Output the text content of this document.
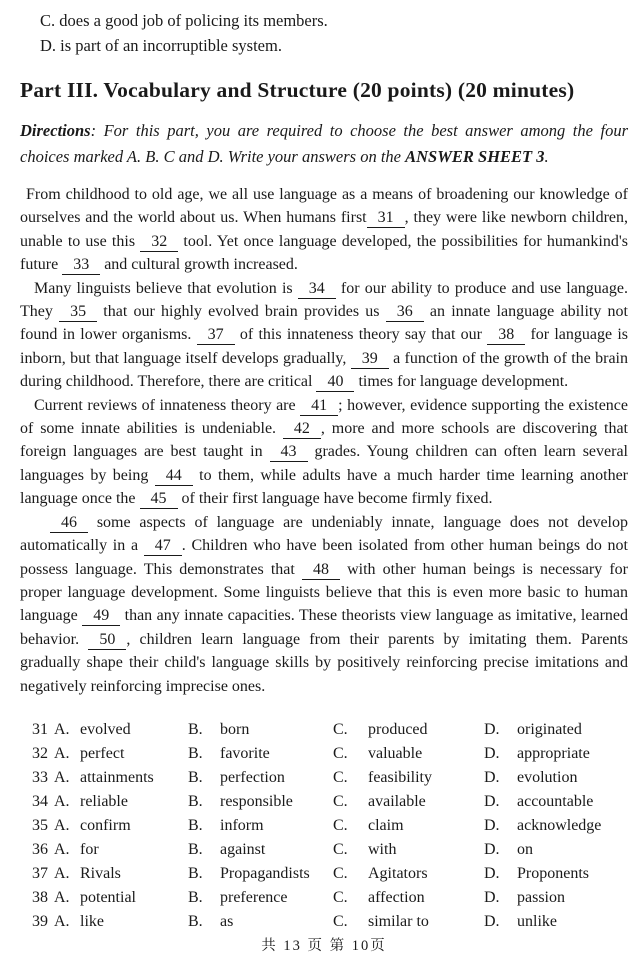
C. does a good job of policing its members.

D. is part of an incorruptible system.

Part III. Vocabulary and Structure (20 points) (20 minutes)

Directions: For this part, you are required to choose the best answer among the four choices marked A. B. C and D. Write your answers on the ANSWER SHEET 3.

From childhood to old age, we all use language as a means of broadening our knowledge of ourselves and the world about us. When humans first 31 , they were like newborn children, unable to use this 32 tool. Yet once language developed, the possibilities for humankind's future 33 and cultural growth increased.

Many linguists believe that evolution is 34 for our ability to produce and use language. They 35 that our highly evolved brain provides us 36 an innate language ability not found in lower organisms. 37 of this innateness theory say that our 38 for language is inborn, but that language itself develops gradually, 39 a function of the growth of the brain during childhood. Therefore, there are critical 40 times for language development.

Current reviews of innateness theory are 41 ; however, evidence supporting the existence of some innate abilities is undeniable. 42 , more and more schools are discovering that foreign languages are best taught in 43 grades. Young children can often learn several languages by being 44 to them, while adults have a much harder time learning another language once the 45 of their first language have become firmly fixed.

46 some aspects of language are undeniably innate, language does not develop automatically in a 47 . Children who have been isolated from other human beings do not possess language. This demonstrates that 48 with other human beings is necessary for proper language development. Some linguists believe that this is even more basic to human language 49 than any innate capacities. These theorists view language as imitative, learned behavior. 50 , children learn language from their parents by imitating them. Parents gradually shape their child's language skills by positively reinforcing precise imitations and negatively reinforcing imprecise ones.

31 A. evolved	B.	born	C.	produced	D.	originated
32 A. perfect	B.	favorite	C.	valuable	D.	appropriate
33 A. attainments	B.	perfection	C.	feasibility	D.	evolution
34 A. reliable	B.	responsible	C.	available	D.	accountable
35 A. confirm	B.	inform	C.	claim	D.	acknowledge
36 A. for	B.	against	C.	with	D.	on
37 A. Rivals	B.	Propagandists	C.	Agitators	D.	Proponents
38 A. potential	B.	preference	C.	affection	D.	passion
39 A. like	B.	as	C.	similar to	D.	unlike
共 13 页 第 10页
